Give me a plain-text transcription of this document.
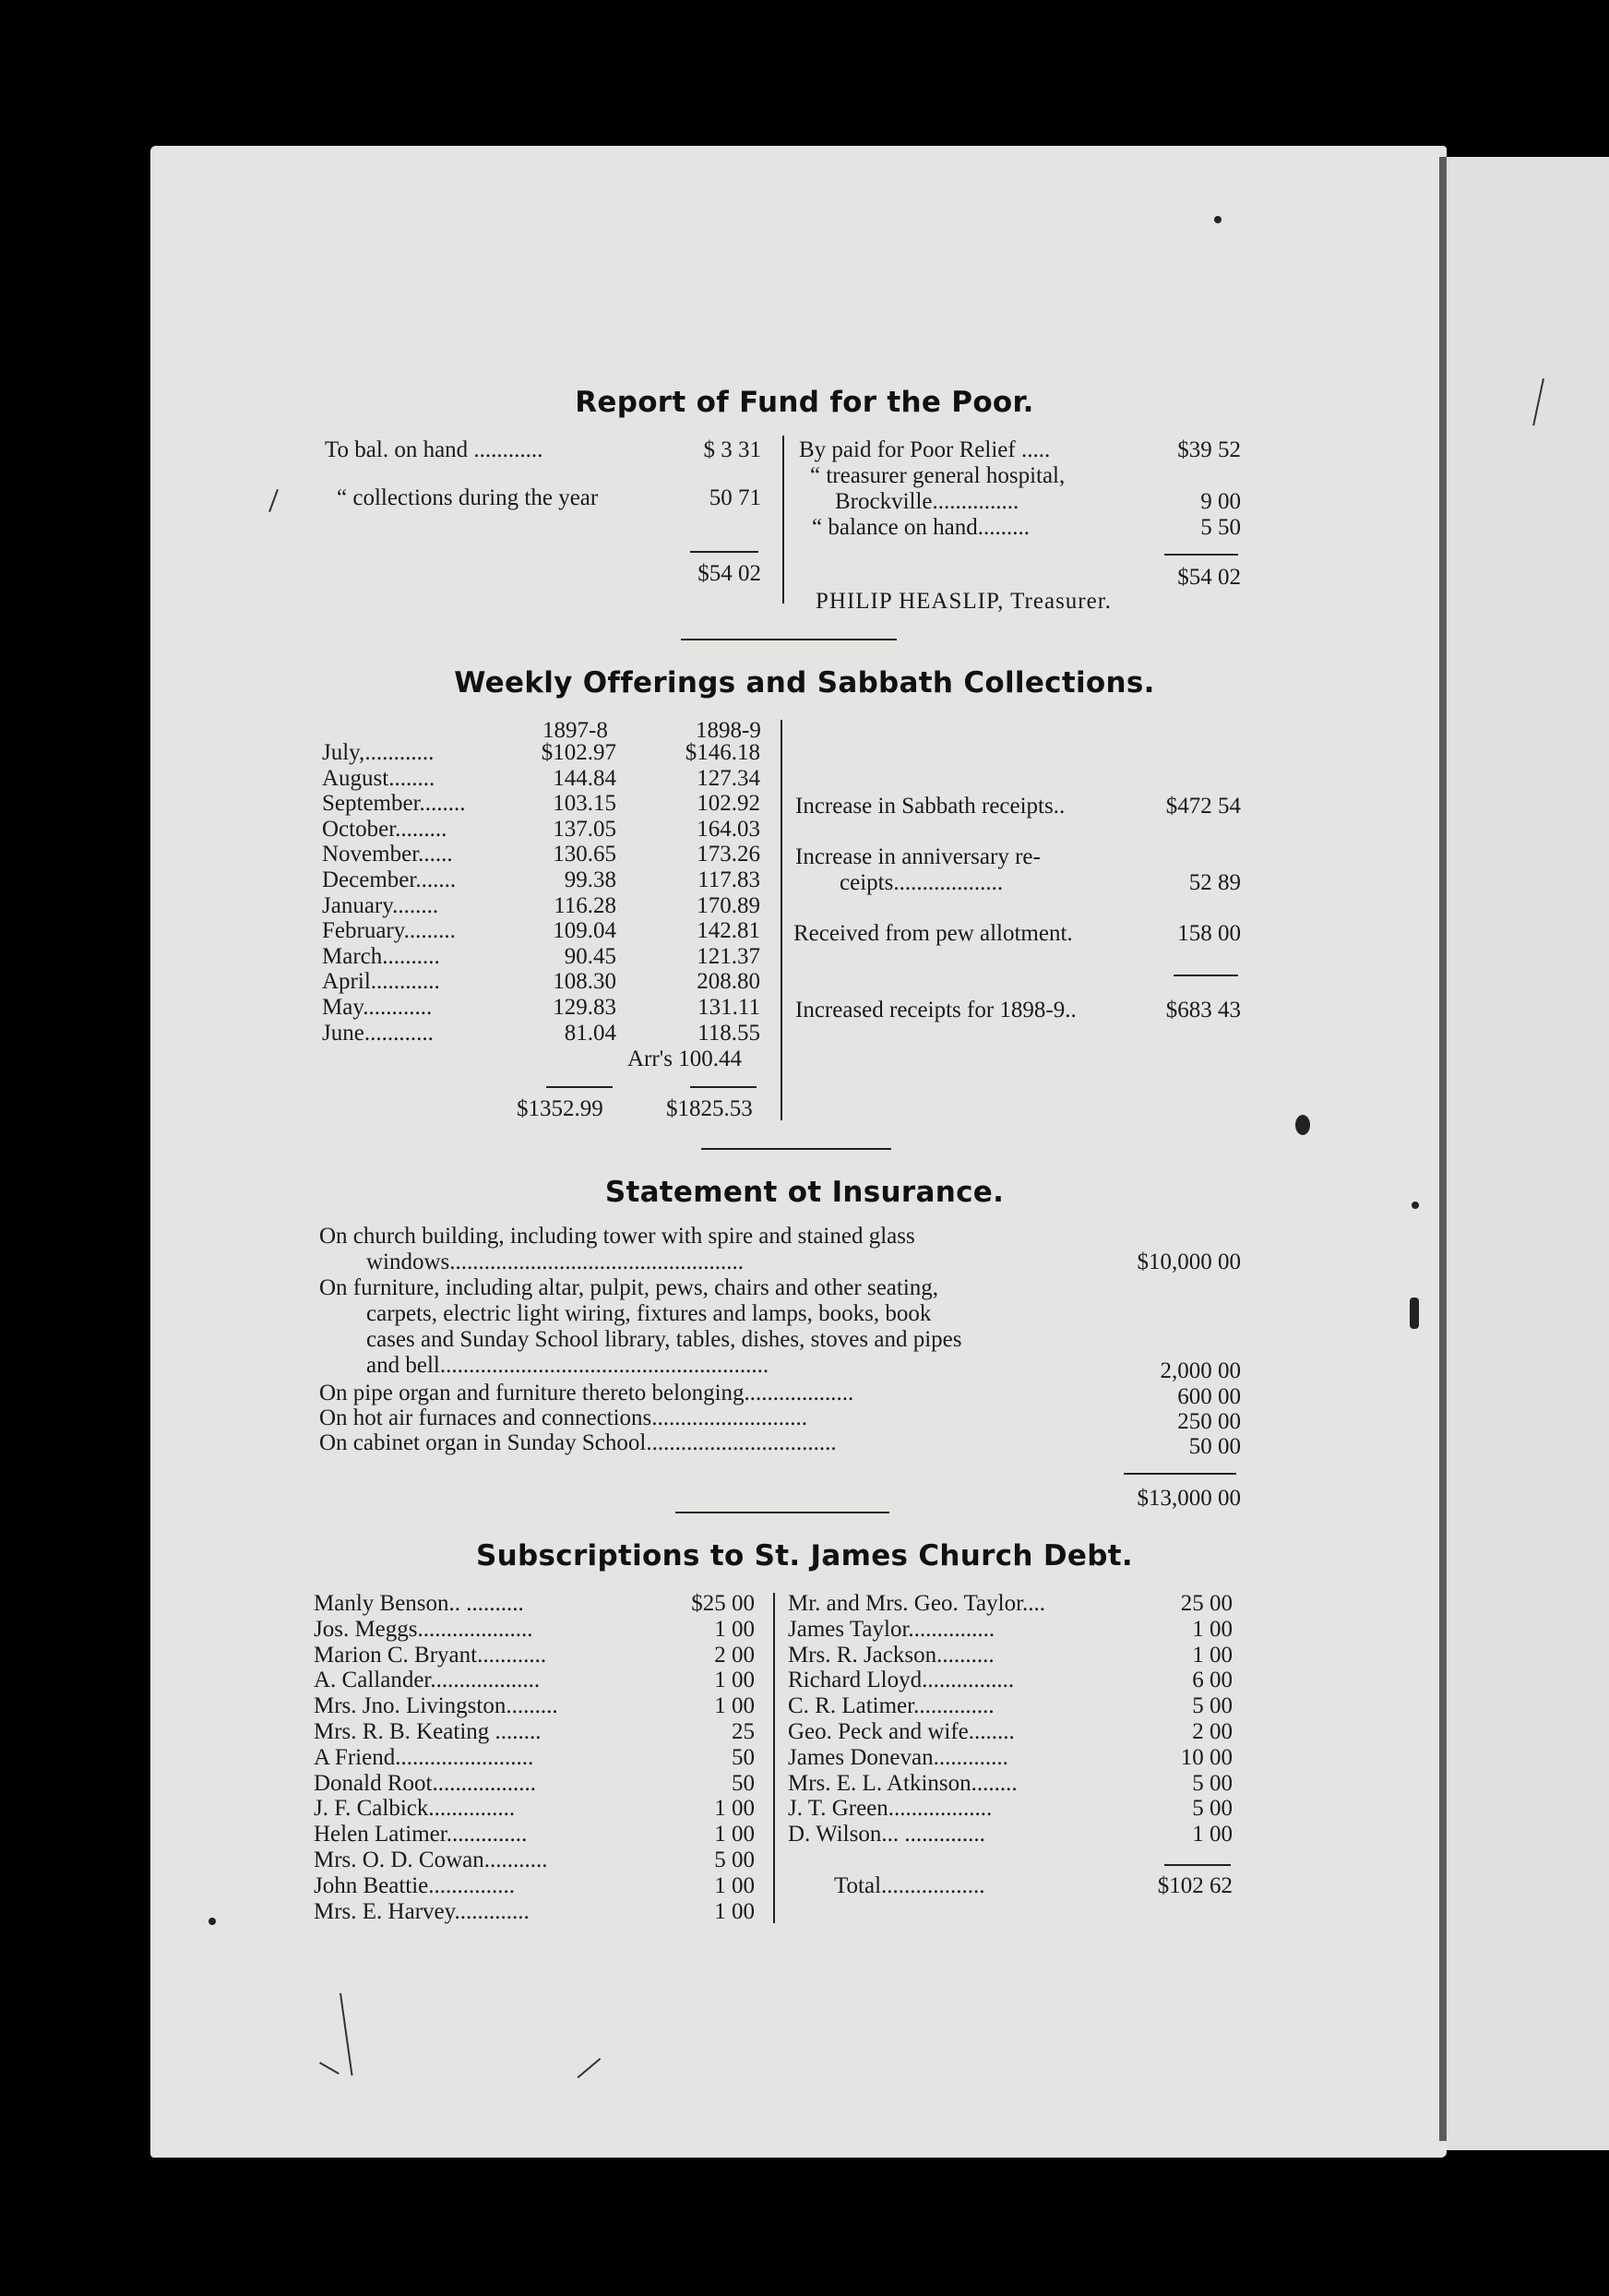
Report of Fund for the Poor.
To bal. on hand ............	$ 3 31
“ collections during the year	50 71
$54 02
By paid for Poor Relief .....	$39 52
“ treasurer general hospital,
Brockville...............	9 00
“ balance on hand.........	5 50
$54 02
PHILIP HEASLIP, Treasurer.
Weekly Offerings and Sabbath Collections.
1897-8	1898-9
July,............	$102.97	$146.18
August........	144.84	127.34
September........	103.15	102.92
October.........	137.05	164.03
November......	130.65	173.26
December.......	99.38	117.83
January........	116.28	170.89
February.........	109.04	142.81
March..........	90.45	121.37
April............	108.30	208.80
May............	129.83	131.11
June............	81.04	118.55
Arr's 100.44
$1352.99	$1825.53
Increase in Sabbath receipts..	$472 54
Increase in anniversary re-
ceipts...................	52 89
Received from pew allotment.	158 00
Increased receipts for 1898-9..	$683 43
Statement ot Insurance.
On church building, including tower with spire and stained glass
windows...................................................	$10,000 00
On furniture, including altar, pulpit, pews, chairs and other seating,
carpets, electric light wiring, fixtures and lamps, books, book
cases and Sunday School library, tables, dishes, stoves and pipes
and bell.........................................................	2,000 00
On pipe organ and furniture thereto belonging...................	600 00
On hot air furnaces and connections...........................	250 00
On cabinet organ in Sunday School.................................	50 00
$13,000 00
Subscriptions to St. James Church Debt.
Manly Benson.. ..........	$25 00
Jos. Meggs....................	1 00
Marion C. Bryant............	2 00
A. Callander...................	1 00
Mrs. Jno. Livingston.........	1 00
Mrs. R. B. Keating ........	25
A Friend........................	50
Donald Root..................	50
J. F. Calbick...............	1 00
Helen Latimer..............	1 00
Mrs. O. D. Cowan...........	5 00
John Beattie...............	1 00
Mrs. E. Harvey.............	1 00
Mr. and Mrs. Geo. Taylor....	25 00
James Taylor...............	1 00
Mrs. R. Jackson..........	1 00
Richard Lloyd................	6 00
C. R. Latimer..............	5 00
Geo. Peck and wife........	2 00
James Donevan.............	10 00
Mrs. E. L. Atkinson........	5 00
J. T. Green..................	5 00
D. Wilson... ..............	1 00
Total..................	$102 62
